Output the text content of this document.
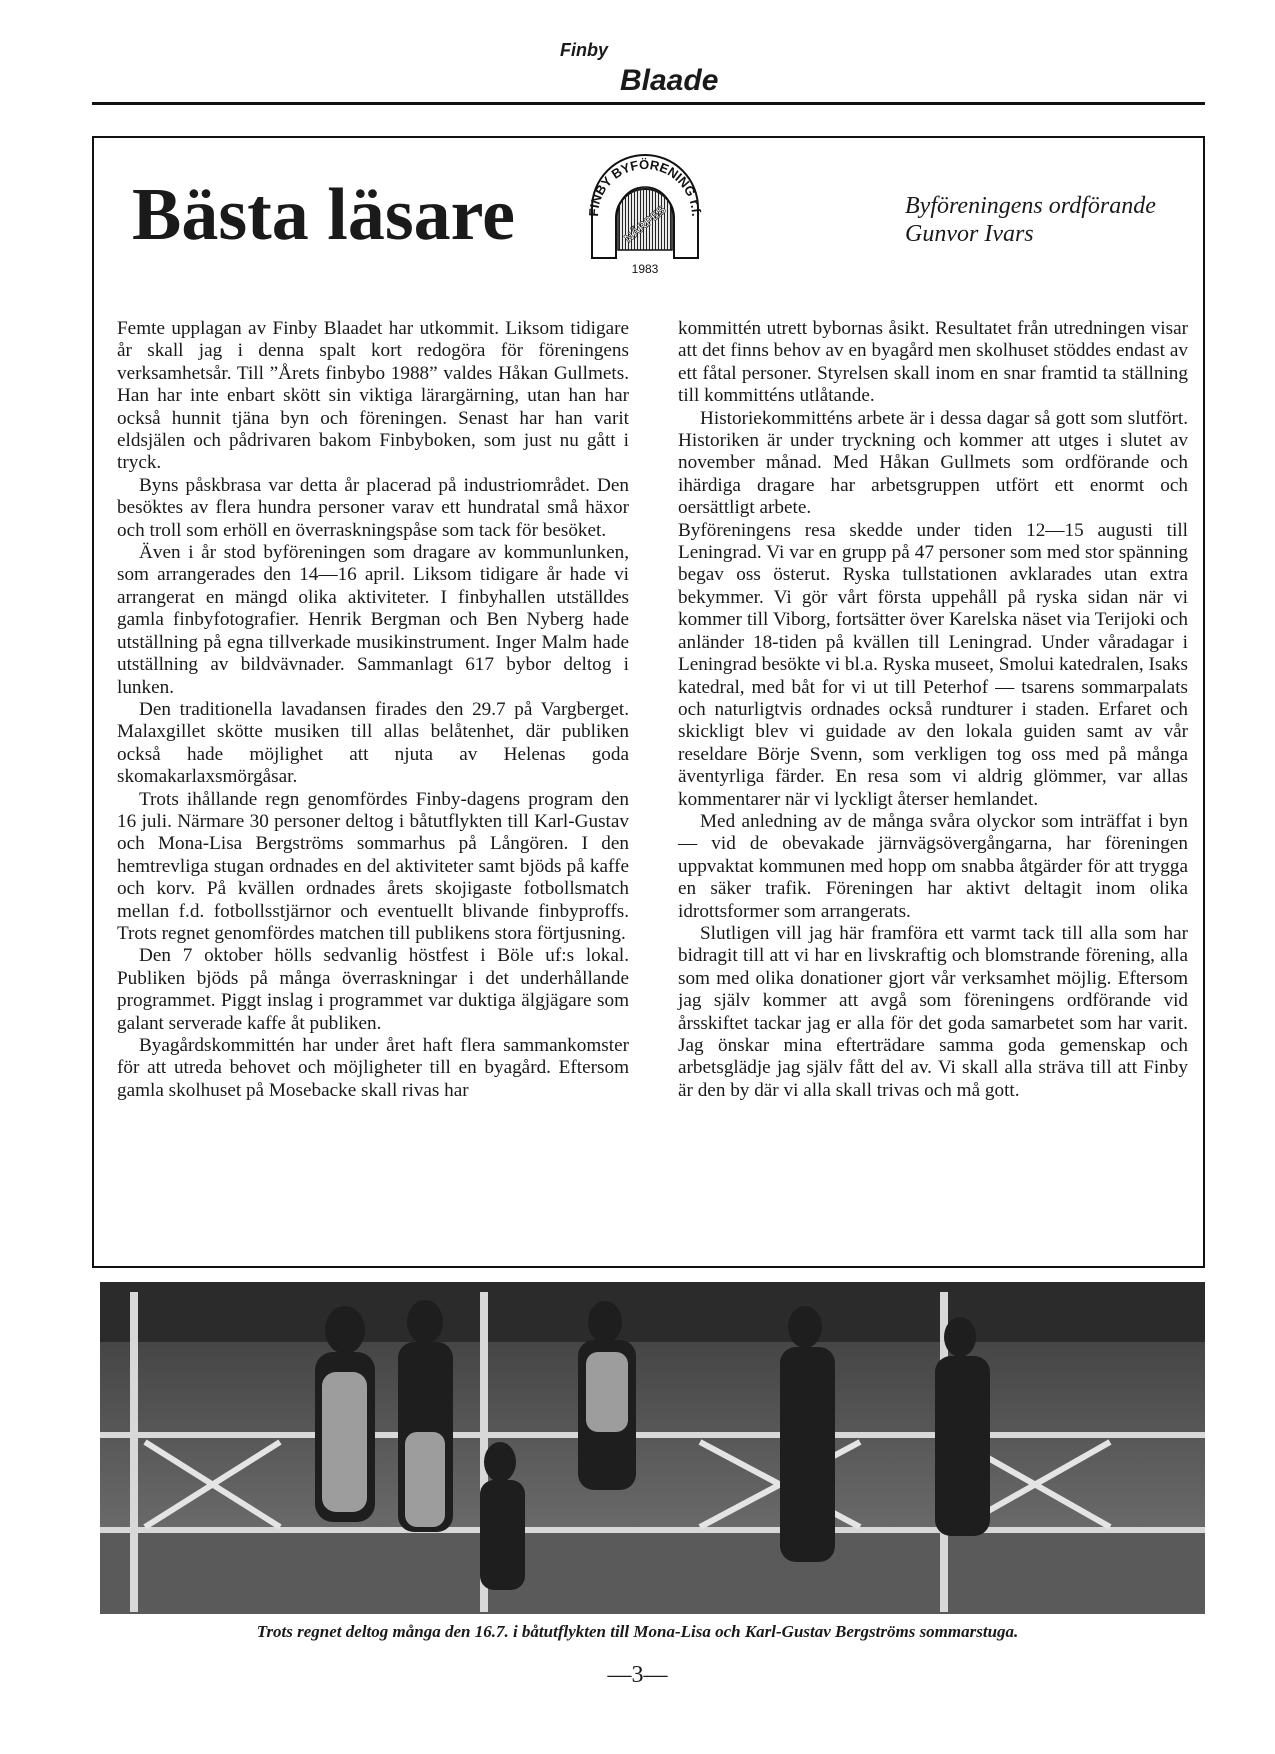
Finby
Blaade
Bästa läsare	FINBY BYFÖRENING r.f.
NÄRPES
1983
Byföreningens ordförande
Gunvor Ivars

Femte upplagan av Finby Blaadet har utkommit. Liksom tidigare år skall jag i denna spalt kort redogöra för föreningens verksamhetsår. Till ”Årets finbybo 1988” valdes Håkan Gullmets. Han har inte enbart skött sin viktiga lärargärning, utan han har också hunnit tjäna byn och föreningen. Senast har han varit eldsjälen och pådrivaren bakom Finbyboken, som just nu gått i tryck.

Byns påskbrasa var detta år placerad på industriområdet. Den besöktes av flera hundra personer varav ett hundratal små häxor och troll som erhöll en överraskningspåse som tack för besöket.

Även i år stod byföreningen som dragare av kommunlunken, som arrangerades den 14—16 april. Liksom tidigare år hade vi arrangerat en mängd olika aktiviteter. I finbyhallen utställdes gamla finbyfotografier. Henrik Bergman och Ben Nyberg hade utställning på egna tillverkade musikinstrument. Inger Malm hade utställning av bildvävnader. Sammanlagt 617 bybor deltog i lunken.

Den traditionella lavadansen firades den 29.7 på Vargberget. Malaxgillet skötte musiken till allas belåtenhet, där publiken också hade möjlighet att njuta av Helenas goda skomakarlaxsmörgåsar.

Trots ihållande regn genomfördes Finby-dagens program den 16 juli. Närmare 30 personer deltog i båtutflykten till Karl-Gustav och Mona-Lisa Bergströms sommarhus på Långören. I den hemtrevliga stugan ordnades en del aktiviteter samt bjöds på kaffe och korv. På kvällen ordnades årets skojigaste fotbollsmatch mellan f.d. fotbollsstjärnor och eventuellt blivande finbyproffs. Trots regnet genomfördes matchen till publikens stora förtjusning.

Den 7 oktober hölls sedvanlig höstfest i Böle uf:s lokal. Publiken bjöds på många överraskningar i det underhållande programmet. Piggt inslag i programmet var duktiga älgjägare som galant serverade kaffe åt publiken.

Byagårdskommittén har under året haft flera sammankomster för att utreda behovet och möjligheter till en byagård. Eftersom gamla skolhuset på Mosebacke skall rivas har

kommittén utrett bybornas åsikt. Resultatet från utredningen visar att det finns behov av en byagård men skolhuset stöddes endast av ett fåtal personer. Styrelsen skall inom en snar framtid ta ställning till kommitténs utlåtande.

Historiekommitténs arbete är i dessa dagar så gott som slutfört. Historiken är under tryckning och kommer att utges i slutet av november månad. Med Håkan Gullmets som ordförande och ihärdiga dragare har arbetsgruppen utfört ett enormt och oersättligt arbete.

Byföreningens resa skedde under tiden 12—15 augusti till Leningrad. Vi var en grupp på 47 personer som med stor spänning begav oss österut. Ryska tullstationen avklarades utan extra bekymmer. Vi gör vårt första uppehåll på ryska sidan när vi kommer till Viborg, fortsätter över Karelska näset via Terijoki och anländer 18-tiden på kvällen till Leningrad. Under våradagar i Leningrad besökte vi bl.a. Ryska museet, Smolui katedralen, Isaks katedral, med båt for vi ut till Peterhof — tsarens sommarpalats och naturligtvis ordnades också rundturer i staden. Erfaret och skickligt blev vi guidade av den lokala guiden samt av vår reseldare Börje Svenn, som verkligen tog oss med på många äventyrliga färder. En resa som vi aldrig glömmer, var allas kommentarer när vi lyckligt återser hemlandet.

Med anledning av de många svåra olyckor som inträffat i byn — vid de obevakade järnvägsövergångarna, har föreningen uppvaktat kommunen med hopp om snabba åtgärder för att trygga en säker trafik. Föreningen har aktivt deltagit inom olika idrottsformer som arrangerats.

Slutligen vill jag här framföra ett varmt tack till alla som har bidragit till att vi har en livskraftig och blomstrande förening, alla som med olika donationer gjort vår verksamhet möjlig. Eftersom jag själv kommer att avgå som föreningens ordförande vid årsskiftet tackar jag er alla för det goda samarbetet som har varit. Jag önskar mina efterträdare samma goda gemenskap och arbetsglädje jag själv fått del av. Vi skall alla sträva till att Finby är den by där vi alla skall trivas och må gott.

Trots regnet deltog många den 16.7. i båtutflykten till Mona-Lisa och Karl-Gustav Bergströms sommarstuga.
—3—
